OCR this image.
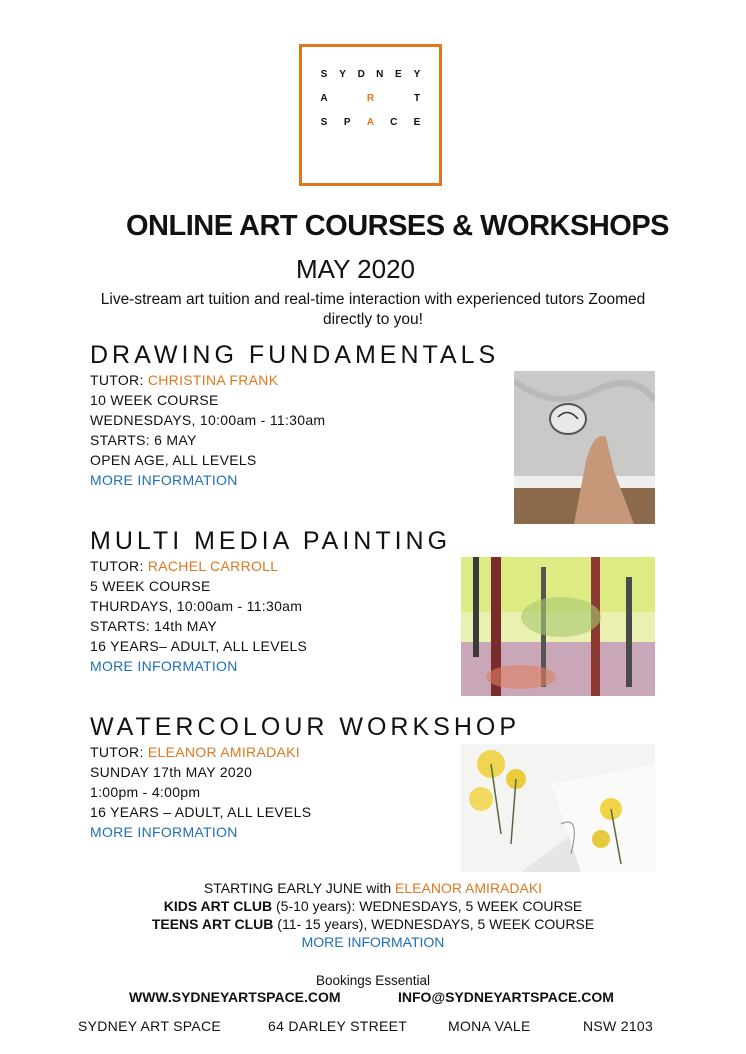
S Y D N E Y
A	R	T
S P A C E
ONLINE ART COURSES & WORKSHOPS
MAY 2020
Live-stream art tuition and real-time interaction with experienced tutors Zoomed directly to you!
DRAWING FUNDAMENTALS
TUTOR: CHRISTINA FRANK
10 WEEK COURSE
WEDNESDAYS, 10:00am - 11:30am
STARTS: 6 MAY
OPEN AGE, ALL LEVELS
MORE INFORMATION
MULTI MEDIA PAINTING
TUTOR: RACHEL CARROLL
5 WEEK COURSE
THURDAYS, 10:00am - 11:30am
STARTS: 14th MAY
16 YEARS– ADULT, ALL LEVELS
MORE INFORMATION
WATERCOLOUR WORKSHOP
TUTOR: ELEANOR AMIRADAKI
SUNDAY 17th MAY 2020
1:00pm - 4:00pm
16 YEARS – ADULT, ALL LEVELS
MORE INFORMATION
STARTING EARLY JUNE with ELEANOR AMIRADAKI
KIDS ART CLUB (5-10 years): WEDNESDAYS, 5 WEEK COURSE
TEENS ART CLUB (11- 15 years), WEDNESDAYS, 5 WEEK COURSE
MORE INFORMATION
Bookings Essential
WWW.SYDNEYARTSPACE.COM	INFO@SYDNEYARTSPACE.COM
SYDNEY ART SPACE	64 DARLEY STREET	MONA VALE	NSW 2103
